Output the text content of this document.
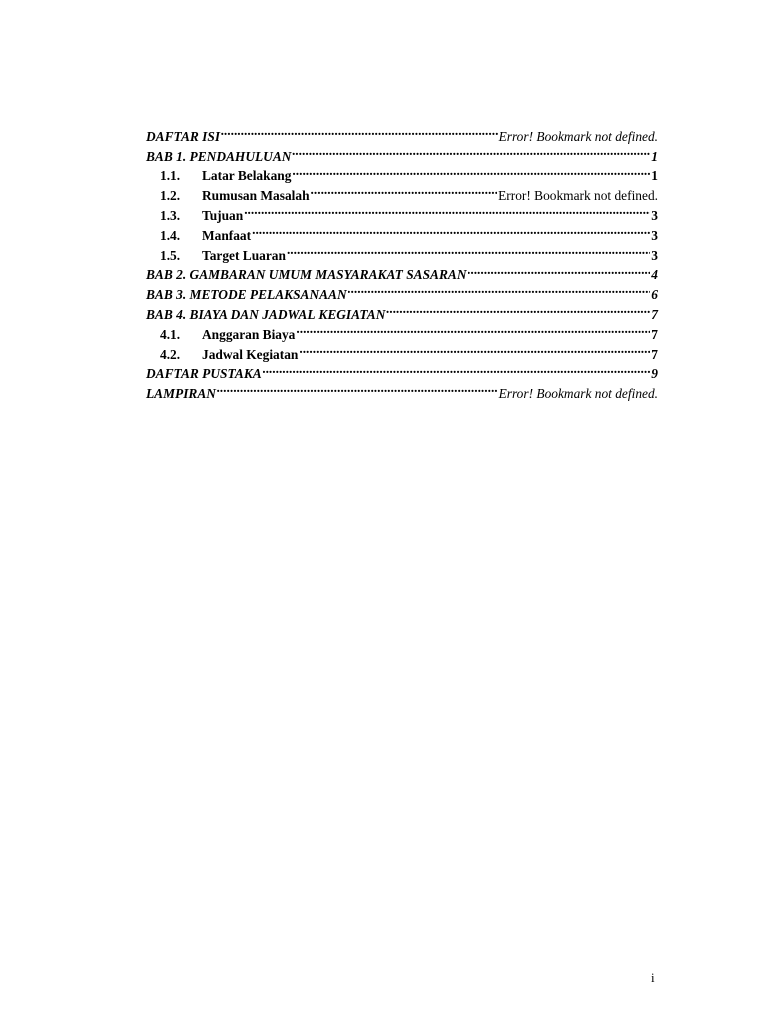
DAFTAR ISI .....	Error! Bookmark not defined.
BAB 1. PENDAHULUAN .....	1
1.1.	Latar Belakang .....	1
1.2.	Rumusan Masalah .....	Error! Bookmark not defined.
1.3.	Tujuan .....	3
1.4.	Manfaat .....	3
1.5.	Target Luaran .....	3
BAB 2. GAMBARAN UMUM MASYARAKAT SASARAN .....	4
BAB 3. METODE PELAKSANAAN .....	6
BAB 4. BIAYA DAN JADWAL KEGIATAN .....	7
4.1.	Anggaran Biaya .....	7
4.2.	Jadwal Kegiatan .....	7
DAFTAR PUSTAKA .....	9
LAMPIRAN .....	Error! Bookmark not defined.
i
